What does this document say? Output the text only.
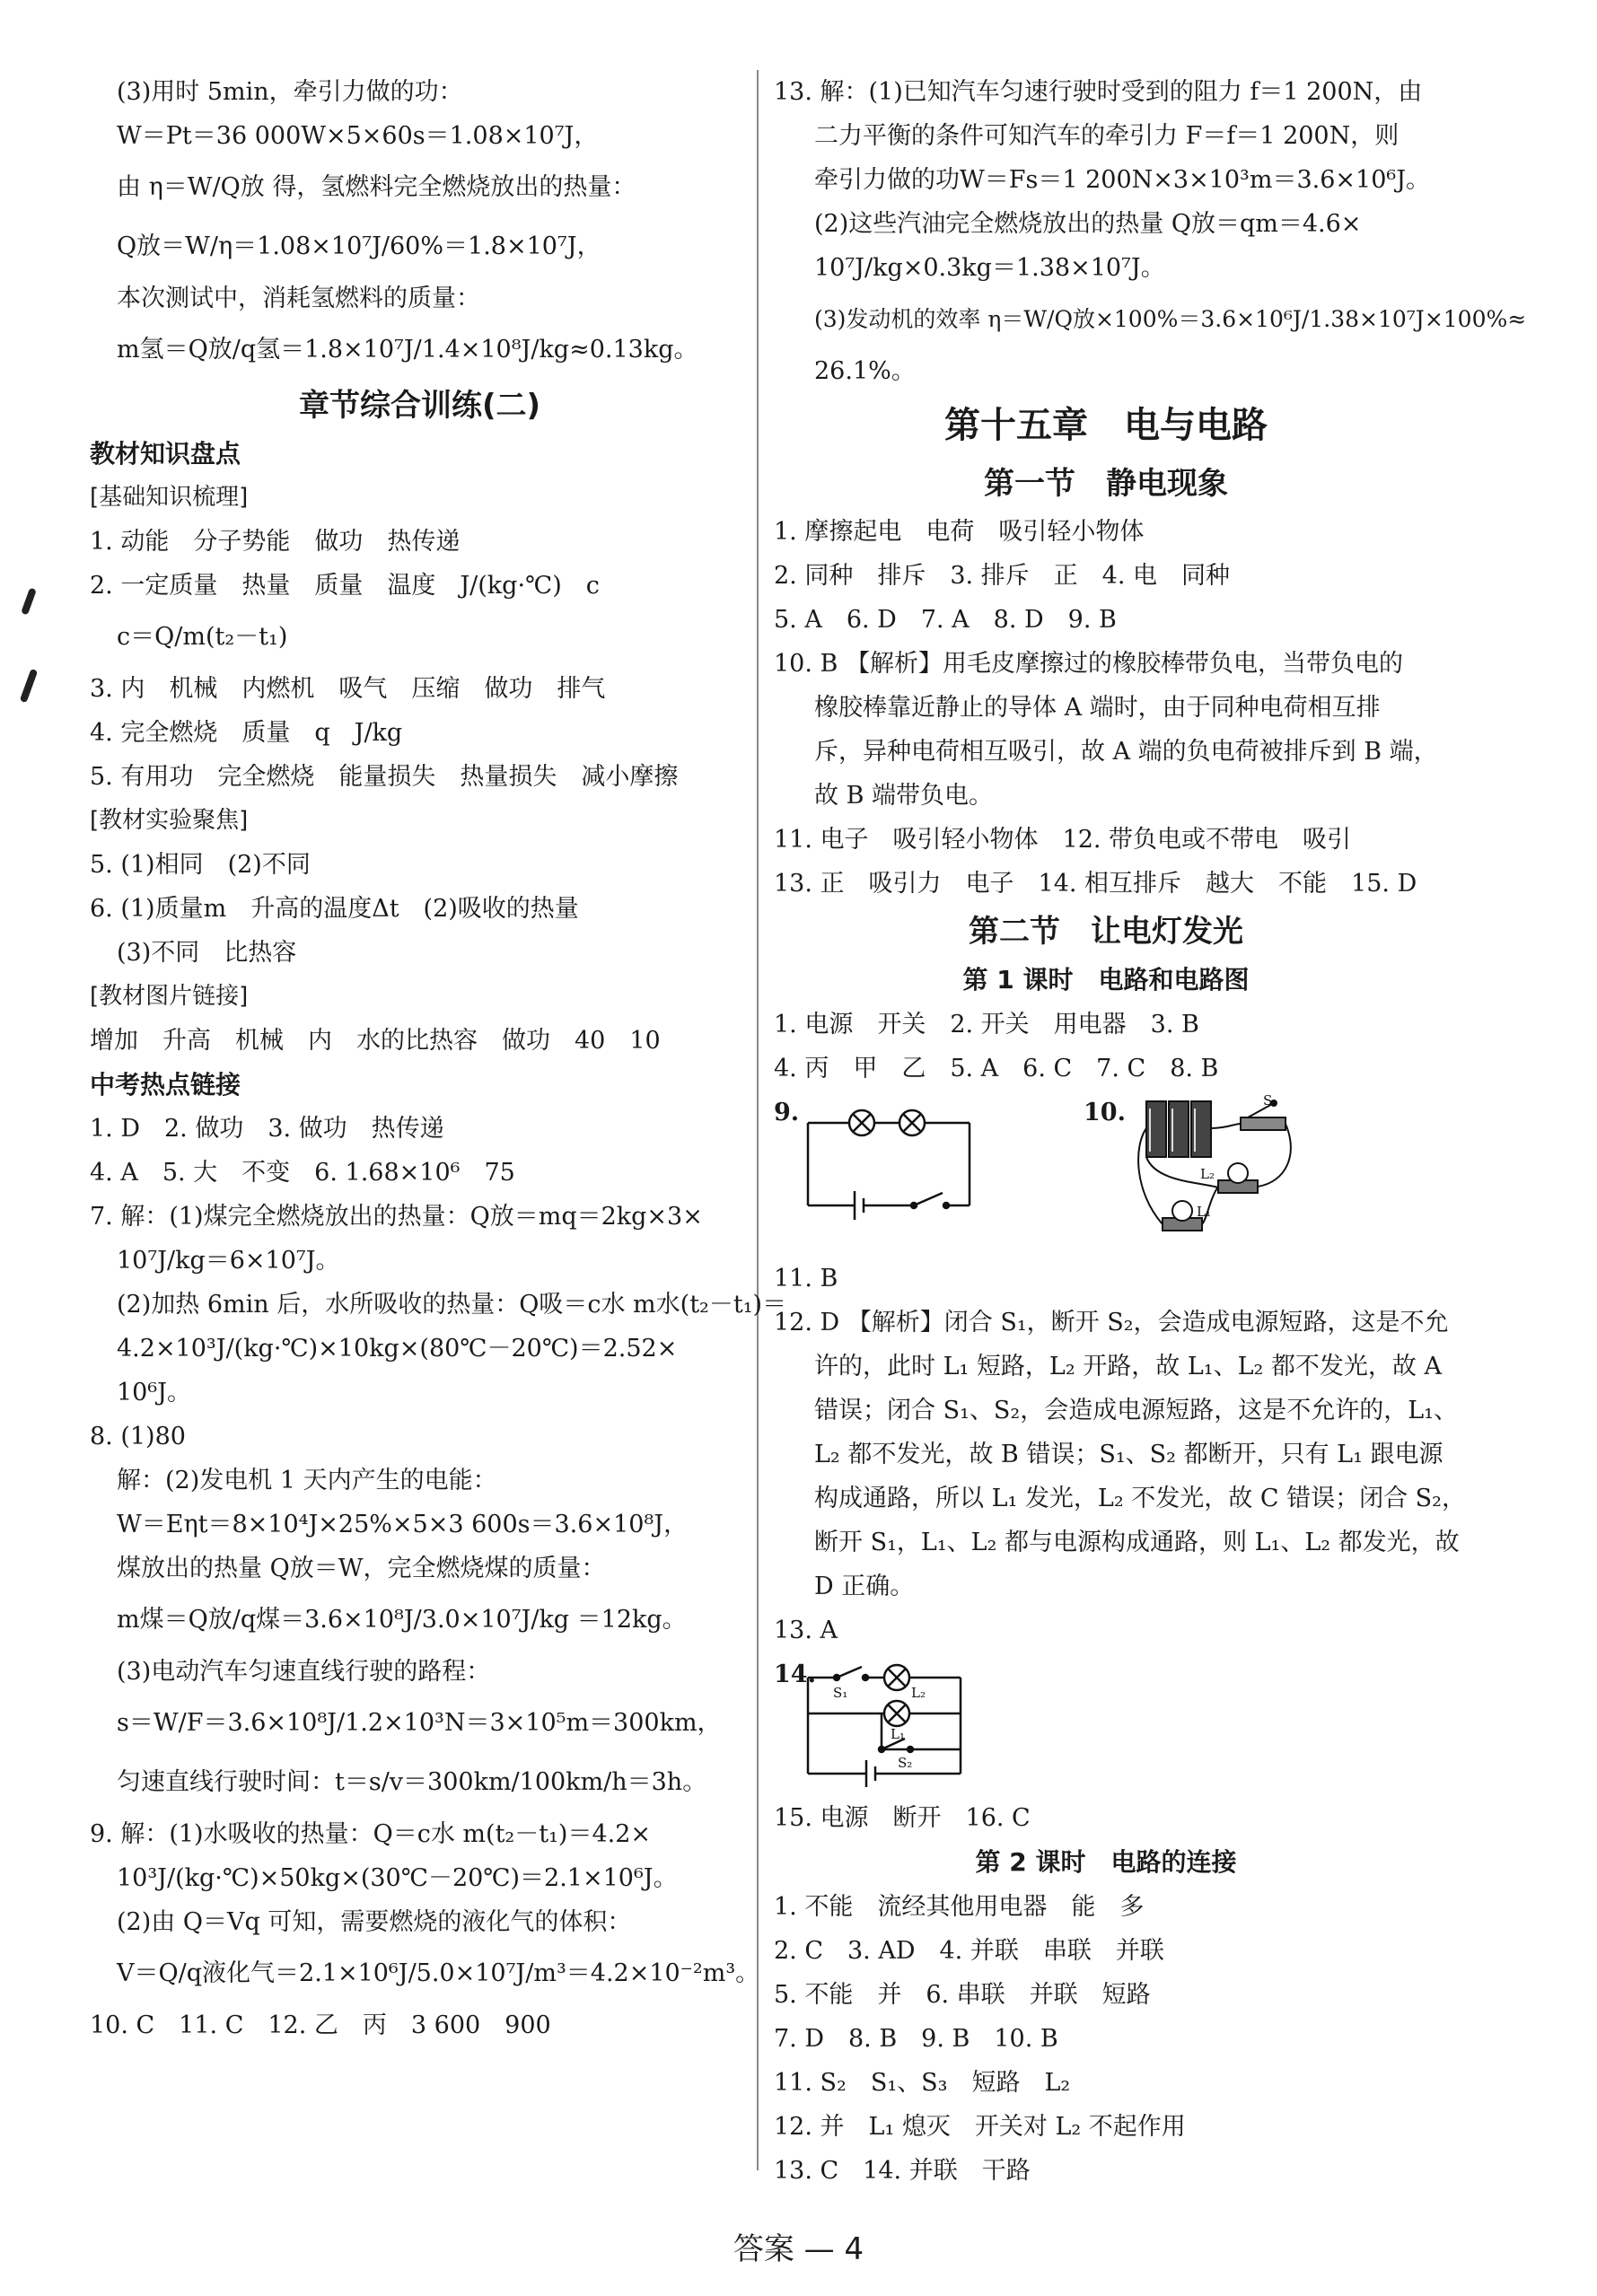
(3)用时 5min，牵引力做的功：
W＝Pt＝36 000W×5×60s＝1.08×10⁷J，
由 η＝W/Q放 得，氢燃料完全燃烧放出的热量：
Q放＝W/η＝1.08×10⁷J/60%＝1.8×10⁷J，
本次测试中，消耗氢燃料的质量：
m氢＝Q放/q氢＝1.8×10⁷J/1.4×10⁸J/kg≈0.13kg。
章节综合训练(二)
教材知识盘点
[基础知识梳理]
1. 动能　分子势能　做功　热传递
2. 一定质量　热量　质量　温度　J/(kg·℃)　c
c＝Q/m(t₂－t₁)
3. 内　机械　内燃机　吸气　压缩　做功　排气
4. 完全燃烧　质量　q　J/kg
5. 有用功　完全燃烧　能量损失　热量损失　减小摩擦
[教材实验聚焦]
5. (1)相同　(2)不同
6. (1)质量m　升高的温度Δt　(2)吸收的热量
(3)不同　比热容
[教材图片链接]
增加　升高　机械　内　水的比热容　做功　40　10
中考热点链接
1. D　2. 做功　3. 做功　热传递
4. A　5. 大　不变　6. 1.68×10⁶　75
7. 解：(1)煤完全燃烧放出的热量：Q放＝mq＝2kg×3×
10⁷J/kg＝6×10⁷J。
(2)加热 6min 后，水所吸收的热量：Q吸＝c水 m水(t₂－t₁)＝
4.2×10³J/(kg·℃)×10kg×(80℃－20℃)＝2.52×
10⁶J。
8. (1)80
解：(2)发电机 1 天内产生的电能：
W＝Eηt＝8×10⁴J×25%×5×3 600s＝3.6×10⁸J，
煤放出的热量 Q放＝W，完全燃烧煤的质量：
m煤＝Q放/q煤＝3.6×10⁸J/3.0×10⁷J/kg ＝12kg。
(3)电动汽车匀速直线行驶的路程：
s＝W/F＝3.6×10⁸J/1.2×10³N＝3×10⁵m＝300km，
匀速直线行驶时间：t＝s/v＝300km/100km/h＝3h。
9. 解：(1)水吸收的热量：Q＝c水 m(t₂－t₁)＝4.2×
10³J/(kg·℃)×50kg×(30℃－20℃)＝2.1×10⁶J。
(2)由 Q＝Vq 可知，需要燃烧的液化气的体积：
V＝Q/q液化气＝2.1×10⁶J/5.0×10⁷J/m³＝4.2×10⁻²m³。
10. C　11. C　12. 乙　丙　3 600　900
13. 解：(1)已知汽车匀速行驶时受到的阻力 f＝1 200N，由
二力平衡的条件可知汽车的牵引力 F＝f＝1 200N，则
牵引力做的功W＝Fs＝1 200N×3×10³m＝3.6×10⁶J。
(2)这些汽油完全燃烧放出的热量 Q放＝qm＝4.6×
10⁷J/kg×0.3kg＝1.38×10⁷J。
(3)发动机的效率 η＝W/Q放×100%＝3.6×10⁶J/1.38×10⁷J×100%≈
26.1%。
第十五章　电与电路
第一节　静电现象
1. 摩擦起电　电荷　吸引轻小物体
2. 同种　排斥　3. 排斥　正　4. 电　同种
5. A　6. D　7. A　8. D　9. B
10. B 【解析】用毛皮摩擦过的橡胶棒带负电，当带负电的
橡胶棒靠近静止的导体 A 端时，由于同种电荷相互排
斥，异种电荷相互吸引，故 A 端的负电荷被排斥到 B 端，
故 B 端带负电。
11. 电子　吸引轻小物体　12. 带负电或不带电　吸引
13. 正　吸引力　电子　14. 相互排斥　越大　不能　15. D
第二节　让电灯发光
第 1 课时　电路和电路图
1. 电源　开关　2. 开关　用电器　3. B
4. 丙　甲　乙　5. A　6. C　7. C　8. B
9.	10.	S
L₂
L₁
11. B
12. D 【解析】闭合 S₁，断开 S₂，会造成电源短路，这是不允
许的，此时 L₁ 短路，L₂ 开路，故 L₁、L₂ 都不发光，故 A
错误；闭合 S₁、S₂，会造成电源短路，这是不允许的，L₁、
L₂ 都不发光，故 B 错误；S₁、S₂ 都断开，只有 L₁ 跟电源
构成通路，所以 L₁ 发光，L₂ 不发光，故 C 错误；闭合 S₂，
断开 S₁，L₁、L₂ 都与电源构成通路，则 L₁、L₂ 都发光，故
D 正确。
13. A
14.
S₁	L₂
L₁
S₂
15. 电源　断开　16. C
第 2 课时　电路的连接
1. 不能　流经其他用电器　能　多
2. C　3. AD　4. 并联　串联　并联
5. 不能　并　6. 串联　并联　短路
7. D　8. B　9. B　10. B
11. S₂　S₁、S₃　短路　L₂
12. 并　L₁ 熄灭　开关对 L₂ 不起作用
13. C　14. 并联　干路
答案 — 4
